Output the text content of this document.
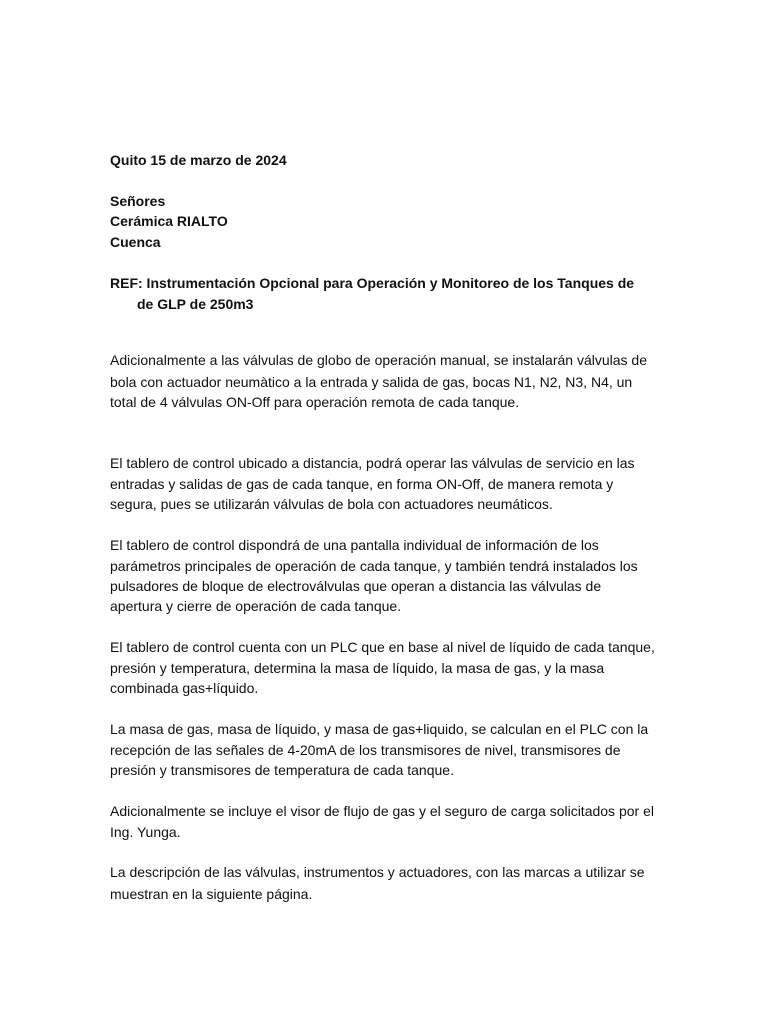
Quito 15 de marzo de 2024
Señores
Cerámica RIALTO
Cuenca
REF: Instrumentación Opcional para Operación y Monitoreo de los Tanques de
de GLP de 250m3
Adicionalmente a las válvulas de globo de operación manual, se instalarán válvulas de
bola con actuador neumàtico a la entrada y salida de gas, bocas N1, N2, N3, N4, un
total de 4 válvulas ON-Off para operación remota de cada tanque.
El tablero de control ubicado a distancia, podrá operar las válvulas de servicio en las
entradas y salidas de gas de cada tanque, en forma ON-Off, de manera remota y
segura, pues se utilizarán válvulas de bola con actuadores neumáticos.
El tablero de control dispondrá de una pantalla individual de información de los
parámetros principales de operación de cada tanque, y también tendrá instalados los
pulsadores de bloque de electroválvulas que operan a distancia las válvulas de
apertura y cierre de operación de cada tanque.
El tablero de control cuenta con un PLC que en base al nivel de líquido de cada tanque,
presión y temperatura, determina la masa de líquido, la masa de gas, y la masa
combinada gas+líquido.
La masa de gas, masa de líquido, y masa de gas+liquido, se calculan en el PLC con la
recepción de las señales de 4-20mA de los transmisores de nivel, transmisores de
presión y transmisores de temperatura de cada tanque.
Adicionalmente se incluye el visor de flujo de gas y el seguro de carga solicitados por el
Ing. Yunga.
La descripción de las válvulas, instrumentos y actuadores, con las marcas a utilizar se
muestran en la siguiente página.
